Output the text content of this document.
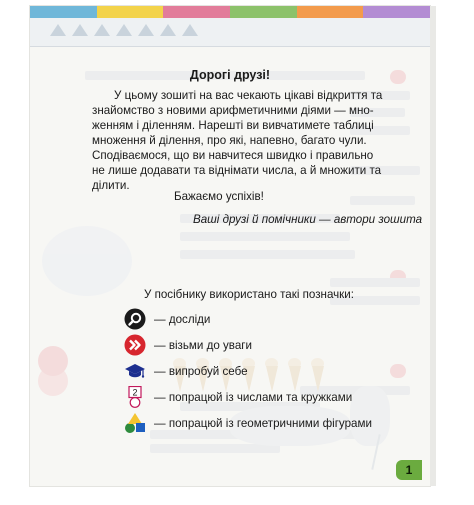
Дорогі друзі!
У цьому зошиті на вас чекають цікаві відкриття та
знайомство з новими арифметичними діями — мно-
женням і діленням. Нарешті ви вивчатимете таблиці
множення й ділення, про які, напевно, багато чули.
Сподіваємося, що ви навчитеся швидко і правильно
не лише додавати та віднімати числа, а й множити та
ділити.
Бажаємо успіхів!
Ваші друзі й помічники — автори зошита
У посібнику використано такі позначки:
— досліди
— візьми до уваги
— випробуй себе
2 — попрацюй із числами та кружками
— попрацюй із геометричними фігурами
1
